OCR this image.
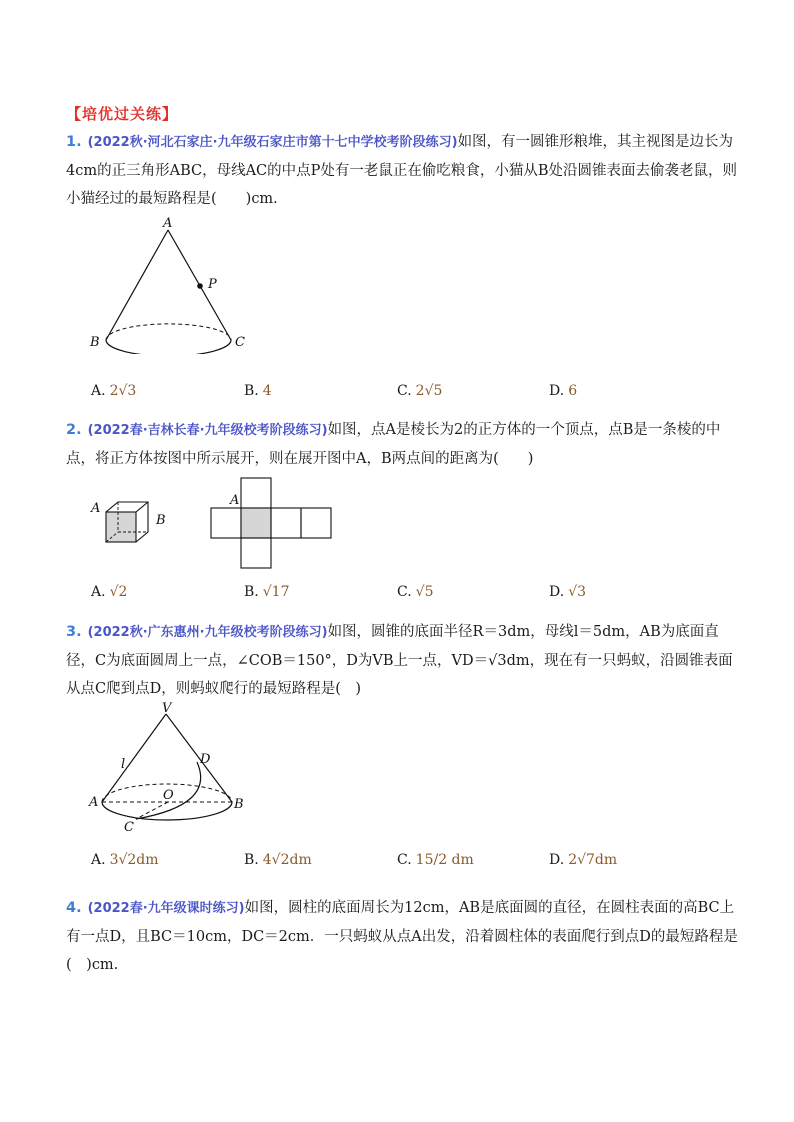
【培优过关练】
1. (2022秋·河北石家庄·九年级石家庄市第十七中学校考阶段练习)如图，有一圆锥形粮堆，其主视图是边长为4cm的正三角形ABC，母线AC的中点P处有一老鼠正在偷吃粮食，小猫从B处沿圆锥表面去偷袭老鼠，则小猫经过的最短路程是(　　)cm.
A
P
B	C
A. 2√3	B. 4	C. 2√5	D. 6
2. (2022春·吉林长春·九年级校考阶段练习)如图，点A是棱长为2的正方体的一个顶点，点B是一条棱的中点，将正方体按图中所示展开，则在展开图中A，B两点间的距离为(　　)
A
B
A
A. √2	B. √17	C. √5	D. √3
3. (2022秋·广东惠州·九年级校考阶段练习)如图，圆锥的底面半径R＝3dm，母线l＝5dm，AB为底面直径，C为底面圆周上一点，∠COB＝150°，D为VB上一点，VD＝√3dm，现在有一只蚂蚁，沿圆锥表面从点C爬到点D，则蚂蚁爬行的最短路程是(　)
V
D
l
O
A	B
C
A. 3√2dm	B. 4√2dm	C. 15/2 dm	D. 2√7dm
4. (2022春·九年级课时练习)如图，圆柱的底面周长为12cm，AB是底面圆的直径，在圆柱表面的高BC上有一点D，且BC＝10cm，DC＝2cm．一只蚂蚁从点A出发，沿着圆柱体的表面爬行到点D的最短路程是(　)cm.
